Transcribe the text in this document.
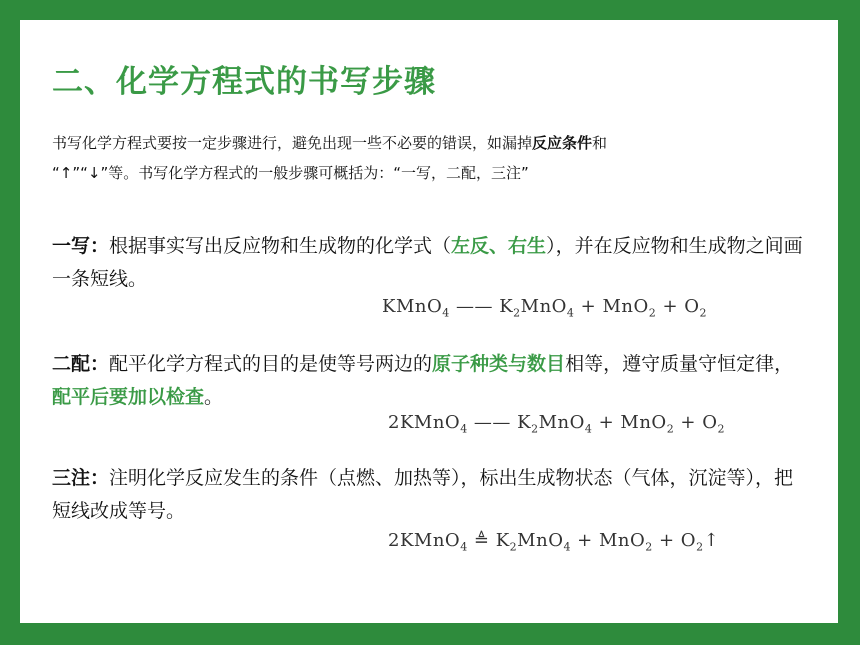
二、化学方程式的书写步骤
书写化学方程式要按一定步骤进行，避免出现一些不必要的错误，如漏掉反应条件和
“↑”“↓”等。书写化学方程式的一般步骤可概括为：“一写，二配，三注”
一写：根据事实写出反应物和生成物的化学式（左反、右生），并在反应物和生成物之间画一条短线。
KMnO$_4$ —— $K_2MnO_4 + MnO_2 + O_2$
二配：配平化学方程式的目的是使等号两边的原子种类与数目相等，遵守质量守恒定律，配平后要加以检查。
2KMnO$_4$ —— $K_2MnO_4 + MnO_2 + O_2$
三注：注明化学反应发生的条件（点燃、加热等），标出生成物状态（气体，沉淀等），把短线改成等号。
2KMnO$_4$ ≜ $K_2MnO_4 + MnO_2$ + $O_2↑$
